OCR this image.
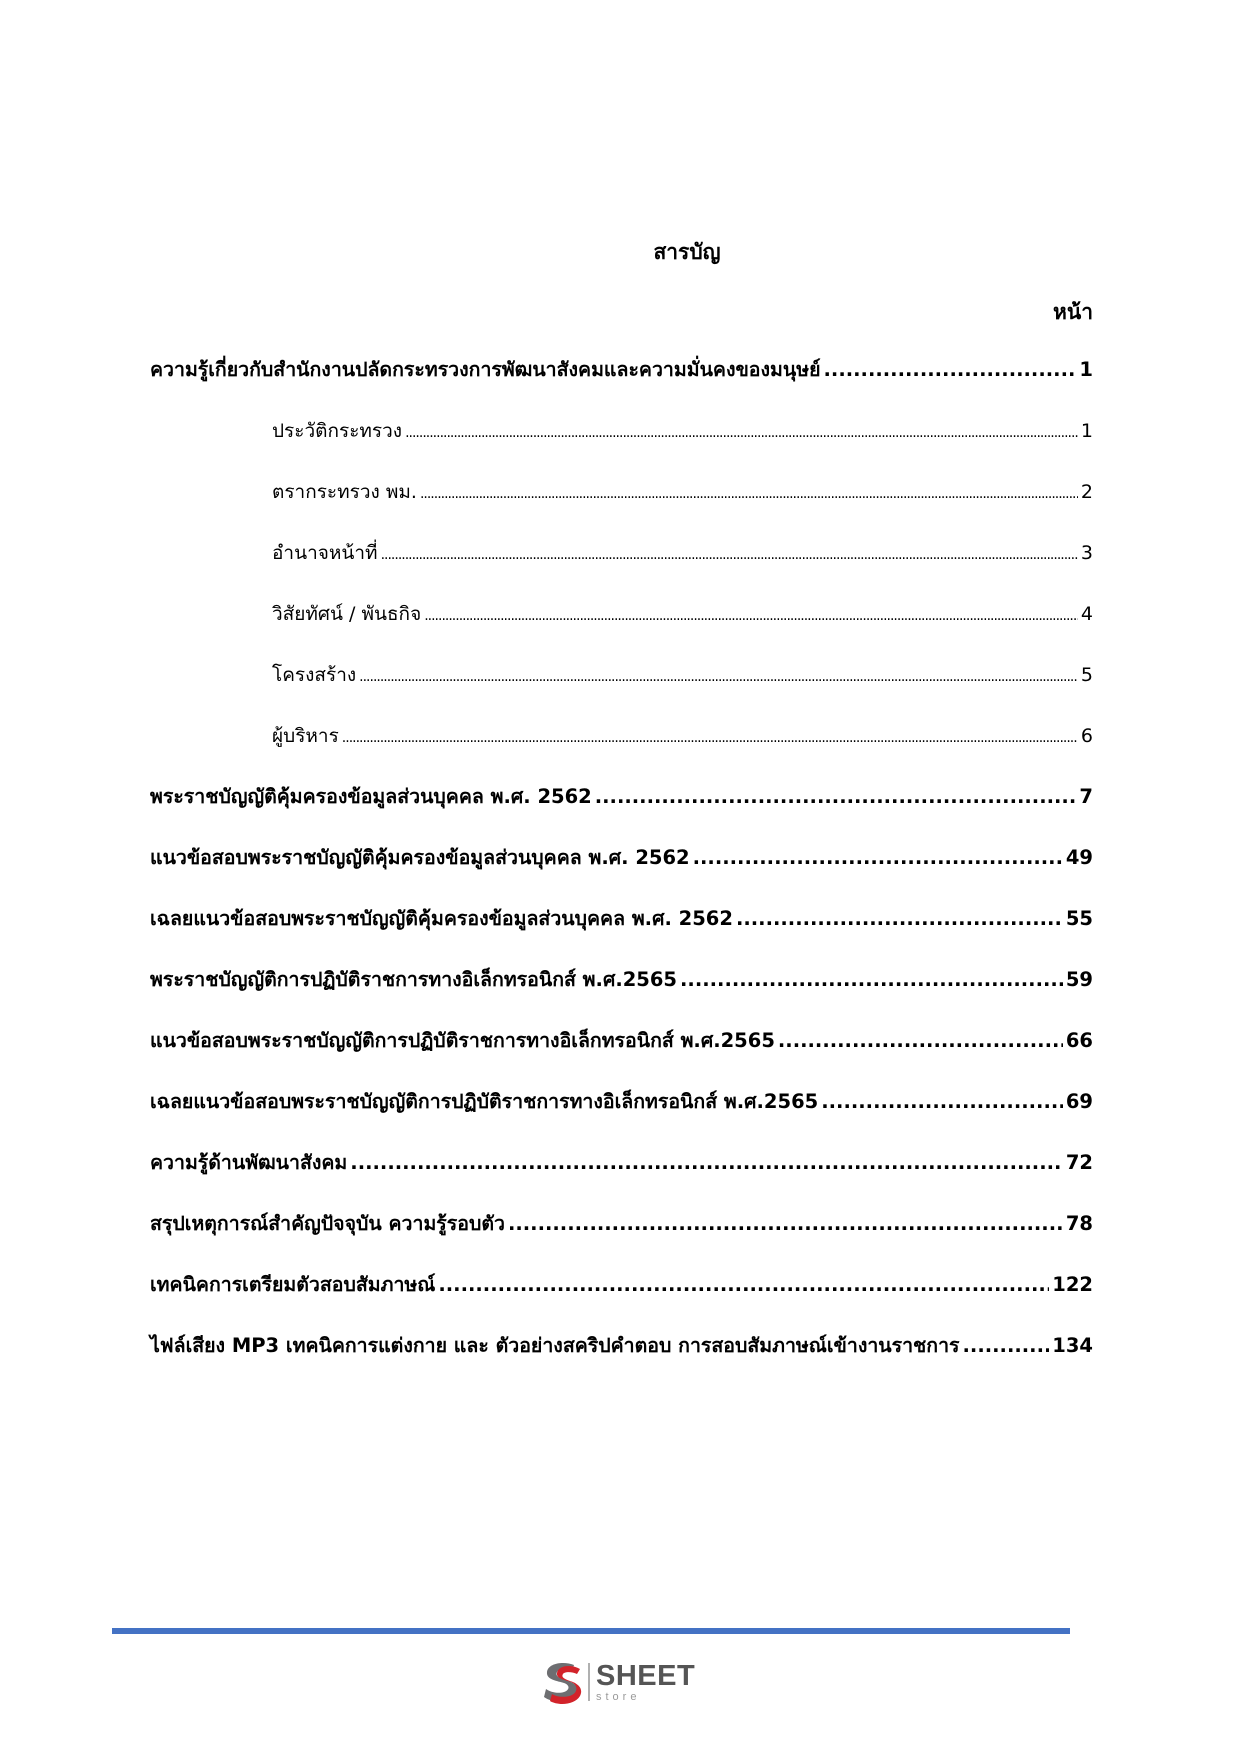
สารบัญ
หน้า
ความรู้เกี่ยวกับสำนักงานปลัดกระทรวงการพัฒนาสังคมและความมั่นคงของมนุษย์ .....	1
ประวัติกระทรวง .....	1
ตรากระทรวง พม. .....	2
อำนาจหน้าที่ .....	3
วิสัยทัศน์ / พันธกิจ .....	4
โครงสร้าง .....	5
ผู้บริหาร .....	6
พระราชบัญญัติคุ้มครองข้อมูลส่วนบุคคล พ.ศ. 2562 .....	7
แนวข้อสอบพระราชบัญญัติคุ้มครองข้อมูลส่วนบุคคล พ.ศ. 2562 .....	49
เฉลยแนวข้อสอบพระราชบัญญัติคุ้มครองข้อมูลส่วนบุคคล พ.ศ. 2562 .....	55
พระราชบัญญัติการปฏิบัติราชการทางอิเล็กทรอนิกส์ พ.ศ.2565 .....	59
แนวข้อสอบพระราชบัญญัติการปฏิบัติราชการทางอิเล็กทรอนิกส์ พ.ศ.2565 .....	66
เฉลยแนวข้อสอบพระราชบัญญัติการปฏิบัติราชการทางอิเล็กทรอนิกส์ พ.ศ.2565 .....	69
ความรู้ด้านพัฒนาสังคม .....	72
สรุปเหตุการณ์สำคัญปัจจุบัน ความรู้รอบตัว .....	78
เทคนิคการเตรียมตัวสอบสัมภาษณ์ .....	122
ไฟล์เสียง MP3 เทคนิคการแต่งกาย และ ตัวอย่างสคริปคำตอบ การสอบสัมภาษณ์เข้างานราชการ .....	134
SHEET
store
